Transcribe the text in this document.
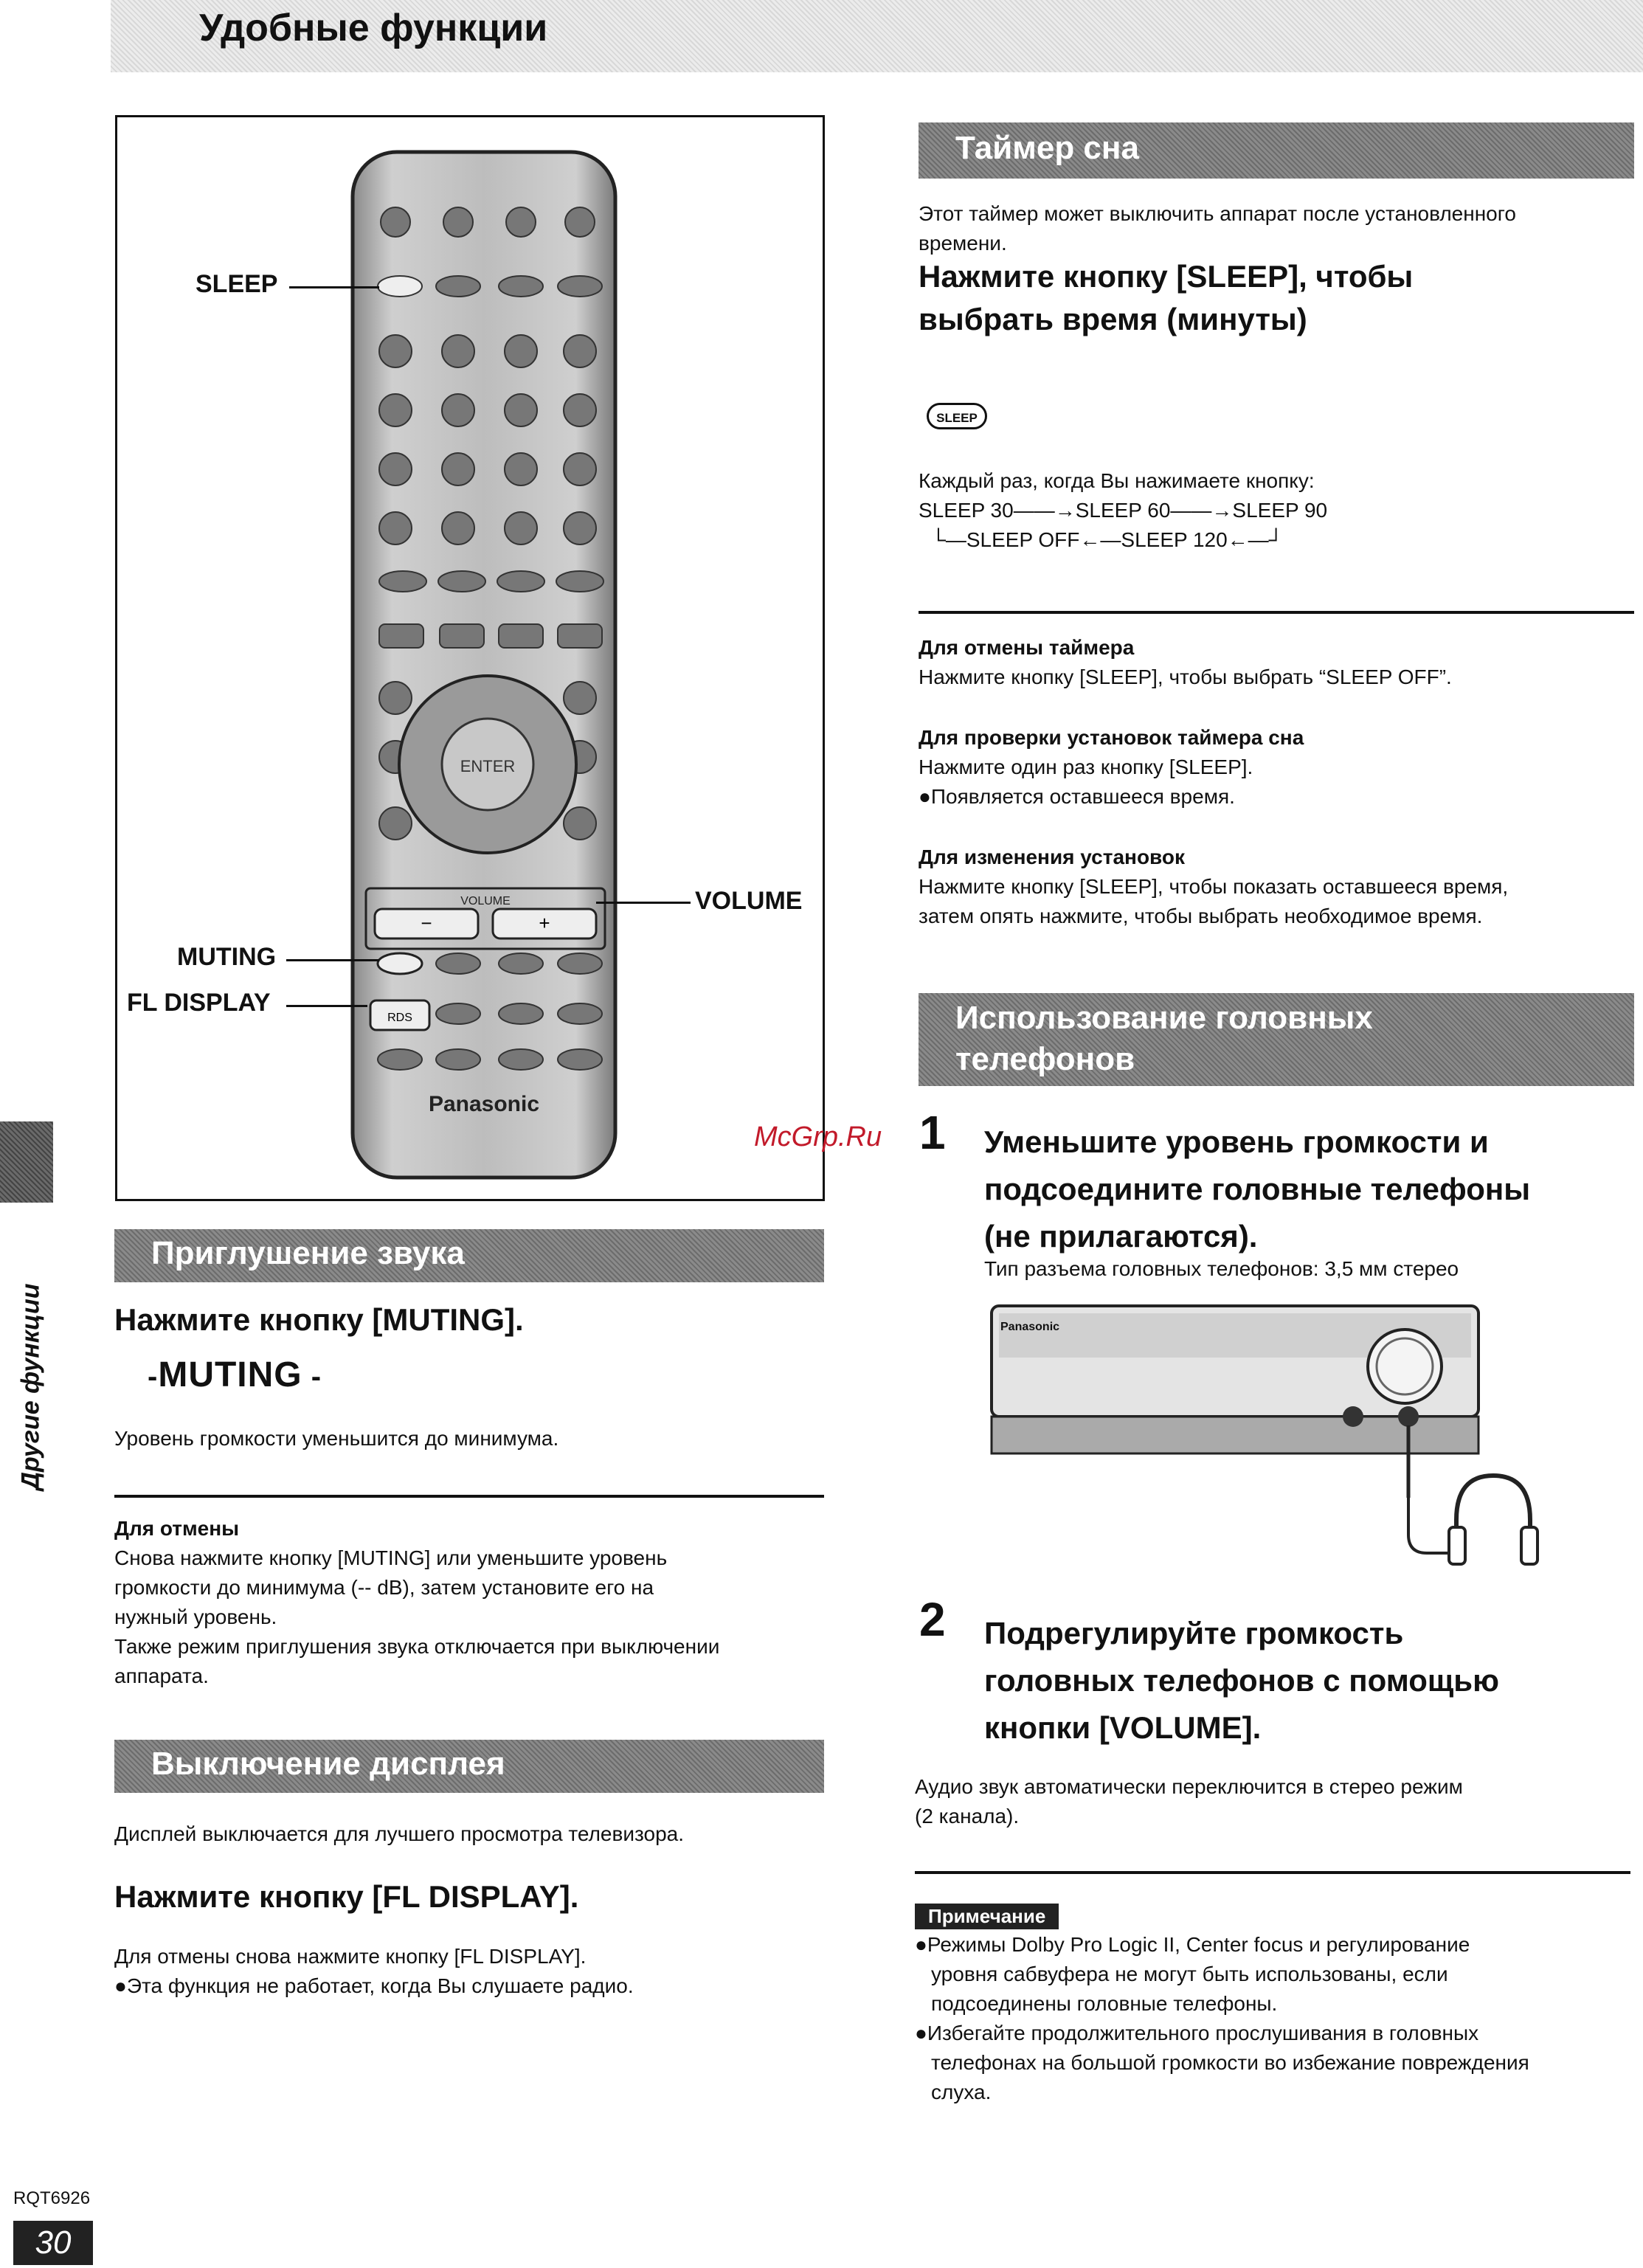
Удобные функции
ENTER
VOLUME
−	+
RDS
Panasonic
SLEEP
VOLUME
MUTING
FL DISPLAY
Приглушение звука
Нажмите кнопку [MUTING].
-MUTING -
Уровень громкости уменьшится до минимума.
Для отмены
Снова нажмите кнопку [MUTING] или уменьшите уровень
громкости до минимума (-- dB), затем установите его на
нужный уровень.
Также режим приглушения звука отключается при выключении
аппарата.
Выключение дисплея
Дисплей выключается для лучшего просмотра телевизора.
Нажмите кнопку [FL DISPLAY].
Для отмены снова нажмите кнопку [FL DISPLAY].
●Эта функция не работает, когда Вы слушаете радио.
Таймер сна
Этот таймер может выключить аппарат после установленного
времени.
Нажмите кнопку [SLEEP], чтобы
выбрать время (минуты)
SLEEP
Каждый раз, когда Вы нажимаете кнопку:
SLEEP 30——→SLEEP 60——→SLEEP 90
└—SLEEP OFF←—SLEEP 120←—┘
Для отмены таймера
Нажмите кнопку [SLEEP], чтобы выбрать “SLEEP OFF”.
Для проверки установок таймера сна
Нажмите один раз кнопку [SLEEP].
●Появляется оставшееся время.
Для изменения установок
Нажмите кнопку [SLEEP], чтобы показать оставшееся время,
затем опять нажмите, чтобы выбрать необходимое время.
Использование головных
телефонов
1 Уменьшите уровень громкости и
подсоедините головные телефоны
(не прилагаются).
Тип разъема головных телефонов: 3,5 мм стерео
Panasonic
2 Подрегулируйте громкость
головных телефонов с помощью
кнопки [VOLUME].
Аудио звук автоматически переключится в стерео режим
(2 канала).
Примечание
●Режимы Dolby Pro Logic II, Center focus и регулирование
уровня сабвуфера не могут быть использованы, если
подсоединены головные телефоны.
●Избегайте продолжительного прослушивания в головных
телефонах на большой громкости во избежание повреждения
слуха.
Другие функции
McGrp.Ru
RQT6926
30
